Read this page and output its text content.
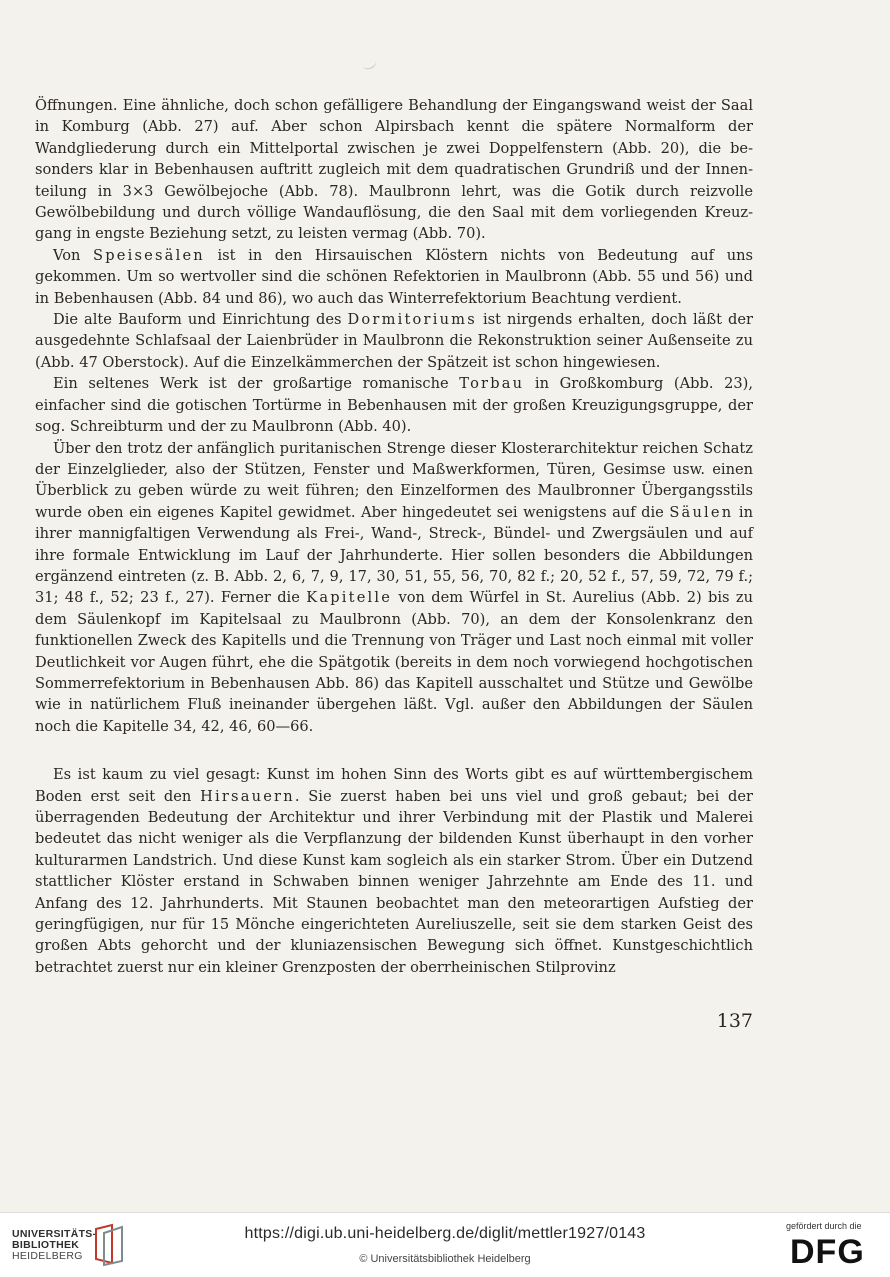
Öffnungen. Eine ähnliche, doch schon gefälligere Behandlung der Eingangswand weist der Saal in Komburg (Abb. 27) auf. Aber schon Alpirsbach kennt die spätere Normalform der Wandgliederung durch ein Mittelportal zwischen je zwei Doppelfenstern (Abb. 20), die besonders klar in Bebenhausen auftritt zugleich mit dem quadratischen Grundriß und der Innenteilung in 3×3 Gewölbejoche (Abb. 78). Maulbronn lehrt, was die Gotik durch reizvolle Gewölbebildung und durch völlige Wandauflösung, die den Saal mit dem vorliegenden Kreuzgang in engste Beziehung setzt, zu leisten vermag (Abb. 70).

Von Speisesälen ist in den Hirsauischen Klöstern nichts von Bedeutung auf uns gekommen. Um so wertvoller sind die schönen Refektorien in Maulbronn (Abb. 55 und 56) und in Bebenhausen (Abb. 84 und 86), wo auch das Winterrefektorium Beachtung verdient.

Die alte Bauform und Einrichtung des Dormitoriums ist nirgends erhalten, doch läßt der ausgedehnte Schlafsaal der Laienbrüder in Maulbronn die Rekonstruktion seiner Außenseite zu (Abb. 47 Oberstock). Auf die Einzelkämmerchen der Spätzeit ist schon hingewiesen.

Ein seltenes Werk ist der großartige romanische Torbau in Großkomburg (Abb. 23), einfacher sind die gotischen Tortürme in Bebenhausen mit der großen Kreuzigungsgruppe, der sog. Schreibturm und der zu Maulbronn (Abb. 40).

Über den trotz der anfänglich puritanischen Strenge dieser Klosterarchitektur reichen Schatz der Einzelglieder, also der Stützen, Fenster und Maßwerkformen, Türen, Gesimse usw. einen Überblick zu geben würde zu weit führen; den Einzelformen des Maulbronner Übergangsstils wurde oben ein eigenes Kapitel gewidmet. Aber hingedeutet sei wenigstens auf die Säulen in ihrer mannigfaltigen Verwendung als Frei-, Wand-, Streck-, Bündel- und Zwergsäulen und auf ihre formale Entwicklung im Lauf der Jahrhunderte. Hier sollen besonders die Abbildungen ergänzend eintreten (z. B. Abb. 2, 6, 7, 9, 17, 30, 51, 55, 56, 70, 82 f.; 20, 52 f., 57, 59, 72, 79 f.; 31; 48 f., 52; 23 f., 27). Ferner die Kapitelle von dem Würfel in St. Aurelius (Abb. 2) bis zu dem Säulenkopf im Kapitelsaal zu Maulbronn (Abb. 70), an dem der Konsolenkranz den funktionellen Zweck des Kapitells und die Trennung von Träger und Last noch einmal mit voller Deutlichkeit vor Augen führt, ehe die Spätgotik (bereits in dem noch vorwiegend hochgotischen Sommerrefektorium in Bebenhausen Abb. 86) das Kapitell ausschaltet und Stütze und Gewölbe wie in natürlichem Fluß ineinander übergehen läßt. Vgl. außer den Abbildungen der Säulen noch die Kapitelle 34, 42, 46, 60—66.

Es ist kaum zu viel gesagt: Kunst im hohen Sinn des Worts gibt es auf württembergischem Boden erst seit den Hirsauern. Sie zuerst haben bei uns viel und groß gebaut; bei der überragenden Bedeutung der Architektur und ihrer Verbindung mit der Plastik und Malerei bedeutet das nicht weniger als die Verpflanzung der bildenden Kunst überhaupt in den vorher kulturarmen Landstrich. Und diese Kunst kam sogleich als ein starker Strom. Über ein Dutzend stattlicher Klöster erstand in Schwaben binnen weniger Jahrzehnte am Ende des 11. und Anfang des 12. Jahrhunderts. Mit Staunen beobachtet man den meteorartigen Aufstieg der geringfügigen, nur für 15 Mönche eingerichteten Aureliuszelle, seit sie dem starken Geist des großen Abts gehorcht und der kluniazensischen Bewegung sich öffnet. Kunstgeschichtlich betrachtet zuerst nur ein kleiner Grenzposten der oberrheinischen Stilprovinz

137
UNIVERSITÄTS-
BIBLIOTHEK
HEIDELBERG
https://digi.ub.uni-heidelberg.de/diglit/mettler1927/0143
© Universitätsbibliothek Heidelberg
gefördert durch die
DFG
